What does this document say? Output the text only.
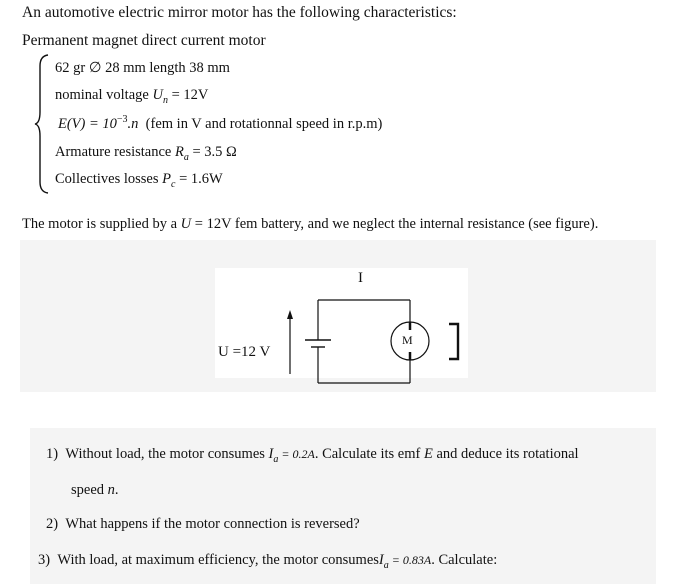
An automotive electric mirror motor has the following characteristics:
Permanent magnet direct current motor
62 gr ∅ 28 mm length 38 mm
nominal voltage $U_n = 12V$
$E(V) = 10^{-3}.n$ (fem in V and rotationnal speed in r.p.m)
Armature resistance $R_a = 3.5$ Ω
Collectives losses $P_c = 1.6W$
The motor is supplied by a U = 12V fem battery, and we neglect the internal resistance (see figure).
I
U =12 V
M
1) Without load, the motor consumes $I_a = 0.2A$. Calculate its emf E and deduce its rotational
speed n.
2) What happens if the motor connection is reversed?
3) With load, at maximum efficiency, the motor consumesI$_a$ = 0.83A. Calculate:
